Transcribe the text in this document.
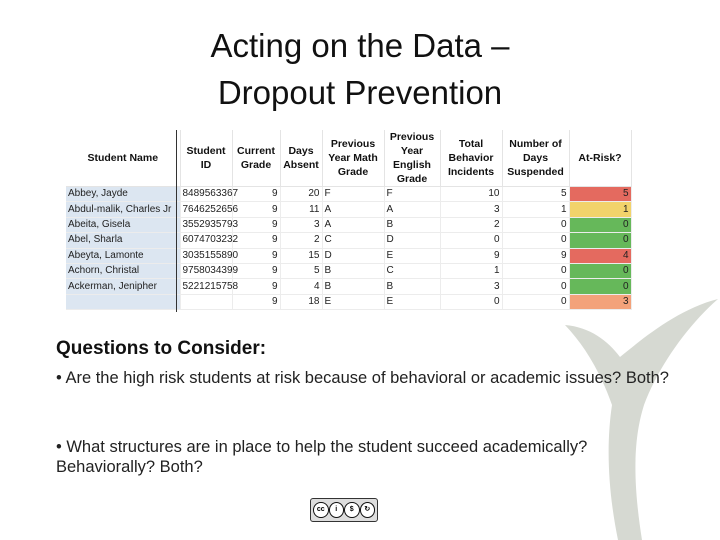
Acting on the Data –
Dropout Prevention
Student Name	Student ID	Current Grade	Days Absent	Previous Year Math Grade	Previous Year English Grade	Total Behavior Incidents	Number of Days Suspended	At-Risk?
Abbey, Jayde	8489563367	9	20	F	F	10	5	5
Abdul-malik, Charles Jr	7646252656	9	11	A	A	3	1	1
Abeita, Gisela	3552935793	9	3	A	B	2	0	0
Abel, Sharla	6074703232	9	2	C	D	0	0	0
Abeyta, Lamonte	3035155890	9	15	D	E	9	9	4
Achorn, Christal	9758034399	9	5	B	C	1	0	0
Ackerman, Jenipher	5221215758	9	4	B	B	3	0	0
		9	18	E	E	0	0	3
Questions to Consider:
• Are the high risk students at risk because of behavioral or academic issues? Both?
• What structures are in place to help the student succeed academically? Behaviorally? Both?
cc	i	$	↻
